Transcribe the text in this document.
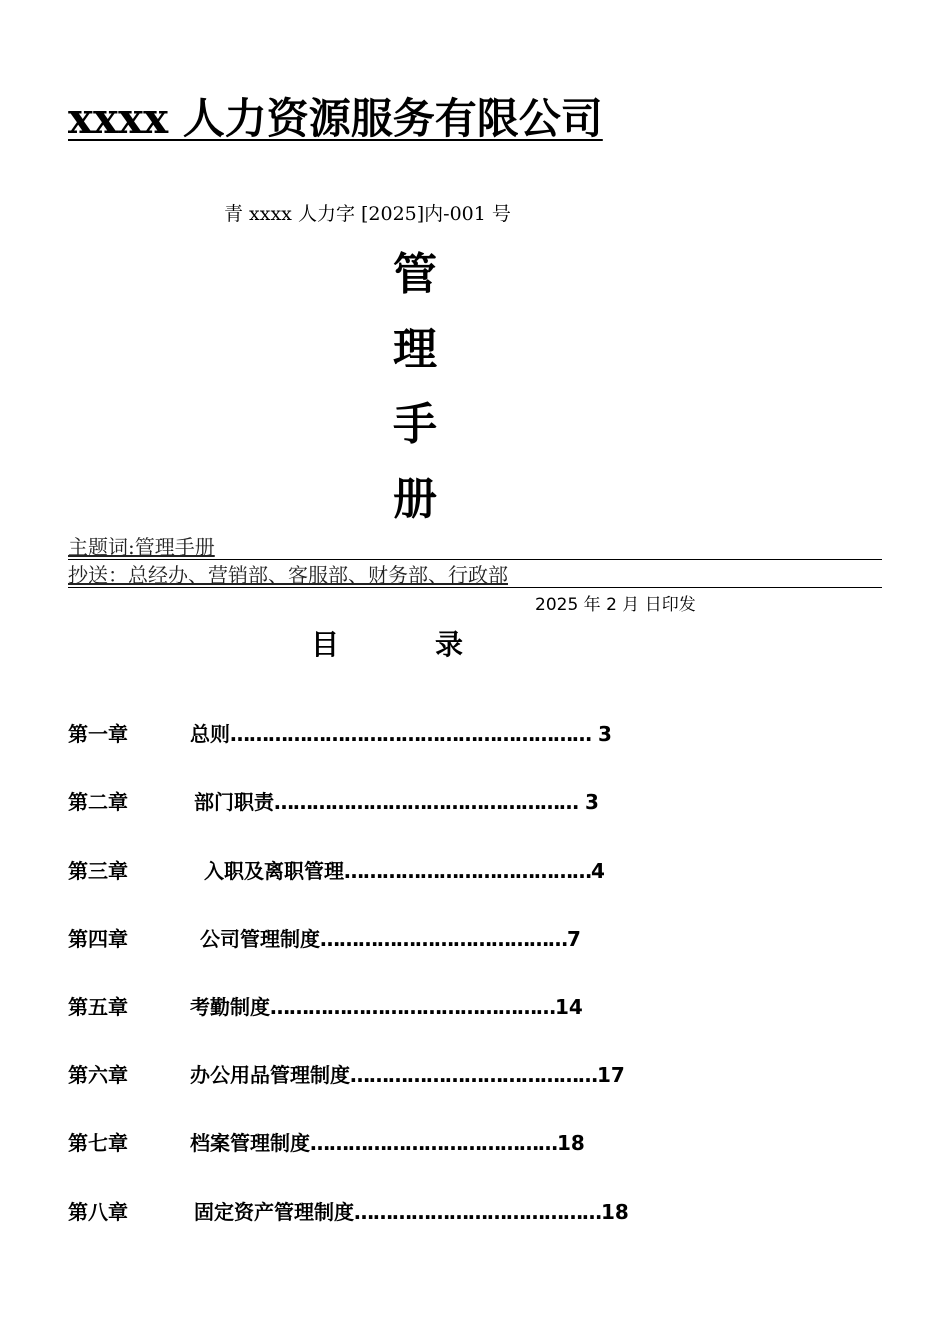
xxxx 人力资源服务有限公司
青 xxxx 人力字 [2025]内-001 号
管
理
手
册
主题词:管理手册
抄送：总经办、营销部、客服部、财务部、行政部
2025 年 2 月 日印发
目	录
第一章	总则………………………………………………… 3
第二章	部门职责………………………………………… 3
第三章	入职及离职管理…………………………………4
第四章	公司管理制度…………………………………7
第五章	考勤制度………………………………………14
第六章	办公用品管理制度…………………………………17
第七章	档案管理制度…………………………………18
第八章	固定资产管理制度…………………………………18
